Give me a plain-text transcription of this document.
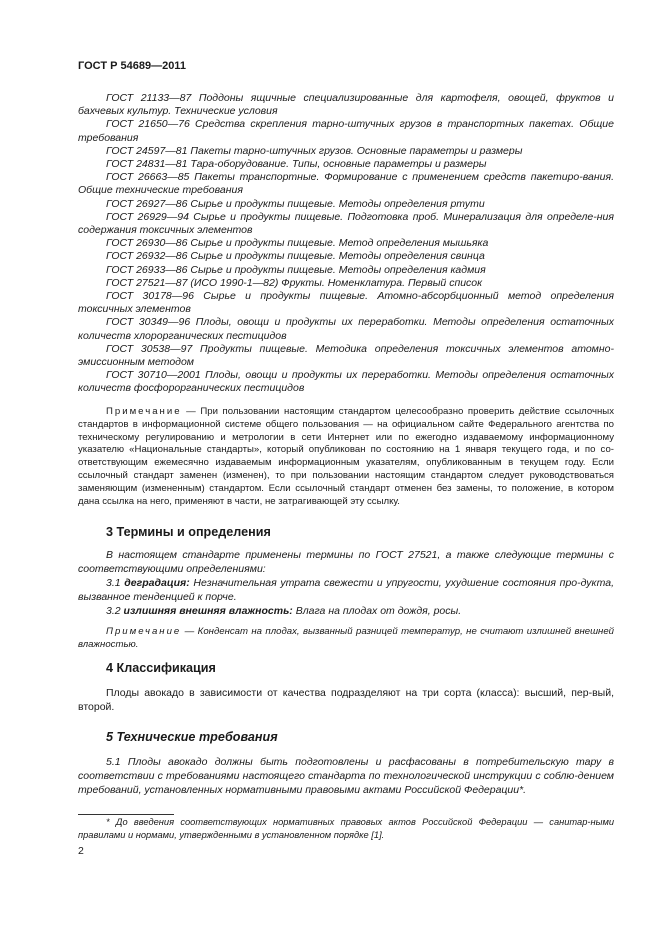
ГОСТ Р 54689—2011

ГОСТ 21133—87 Поддоны ящичные специализированные для картофеля, овощей, фруктов и бахчевых культур. Технические условия

ГОСТ 21650—76 Средства скрепления тарно-штучных грузов в транспортных пакетах. Общие требования

ГОСТ 24597—81 Пакеты тарно-штучных грузов. Основные параметры и размеры

ГОСТ 24831—81 Тара-оборудование. Типы, основные параметры и размеры

ГОСТ 26663—85 Пакеты транспортные. Формирование с применением средств пакетиро-вания. Общие технические требования

ГОСТ 26927—86 Сырье и продукты пищевые. Методы определения ртути

ГОСТ 26929—94 Сырье и продукты пищевые. Подготовка проб. Минерализация для определе-ния содержания токсичных элементов

ГОСТ 26930—86 Сырье и продукты пищевые. Метод определения мышьяка

ГОСТ 26932—86 Сырье и продукты пищевые. Методы определения свинца

ГОСТ 26933—86 Сырье и продукты пищевые. Методы определения кадмия

ГОСТ 27521—87 (ИСО 1990-1—82) Фрукты. Номенклатура. Первый список

ГОСТ 30178—96 Сырье и продукты пищевые. Атомно-абсорбционный метод определения токсичных элементов

ГОСТ 30349—96 Плоды, овощи и продукты их переработки. Методы определения остаточных количеств хлорорганических пестицидов

ГОСТ 30538—97 Продукты пищевые. Методика определения токсичных элементов атомно-эмиссионным методом

ГОСТ 30710—2001 Плоды, овощи и продукты их переработки. Методы определения остаточных количеств фосфорорганических пестицидов

Примечание — При пользовании настоящим стандартом целесообразно проверить действие ссылочных стандартов в информационной системе общего пользования — на официальном сайте Федерального агентства по техническому регулированию и метрологии в сети Интернет или по ежегодно издаваемому информационному указателю «Национальные стандарты», который опубликован по состоянию на 1 января текущего года, и по со-ответствующим ежемесячно издаваемым информационным указателям, опубликованным в текущем году. Если ссылочный стандарт заменен (изменен), то при пользовании настоящим стандартом следует руководствоваться заменяющим (измененным) стандартом. Если ссылочный стандарт отменен без замены, то положение, в котором дана ссылка на него, применяют в части, не затрагивающей эту ссылку.

3 Термины и определения

В настоящем стандарте применены термины по ГОСТ 27521, а также следующие термины с соответствующими определениями:

3.1 деградация: Незначительная утрата свежести и упругости, ухудшение состояния про-дукта, вызванное тенденцией к порче.

3.2 излишняя внешняя влажность: Влага на плодах от дождя, росы.

Примечание — Конденсат на плодах, вызванный разницей температур, не считают излишней внешней влажностью.

4 Классификация

Плоды авокадо в зависимости от качества подразделяют на три сорта (класса): высший, пер-вый, второй.

5 Технические требования

5.1 Плоды авокадо должны быть подготовлены и расфасованы в потребительскую тару в соответствии с требованиями настоящего стандарта по технологической инструкции с соблю-дением требований, установленных нормативными правовыми актами Российской Федерации*.

* До введения соответствующих нормативных правовых актов Российской Федерации — санитар-ными правилами и нормами, утвержденными в установленном порядке [1].

2
